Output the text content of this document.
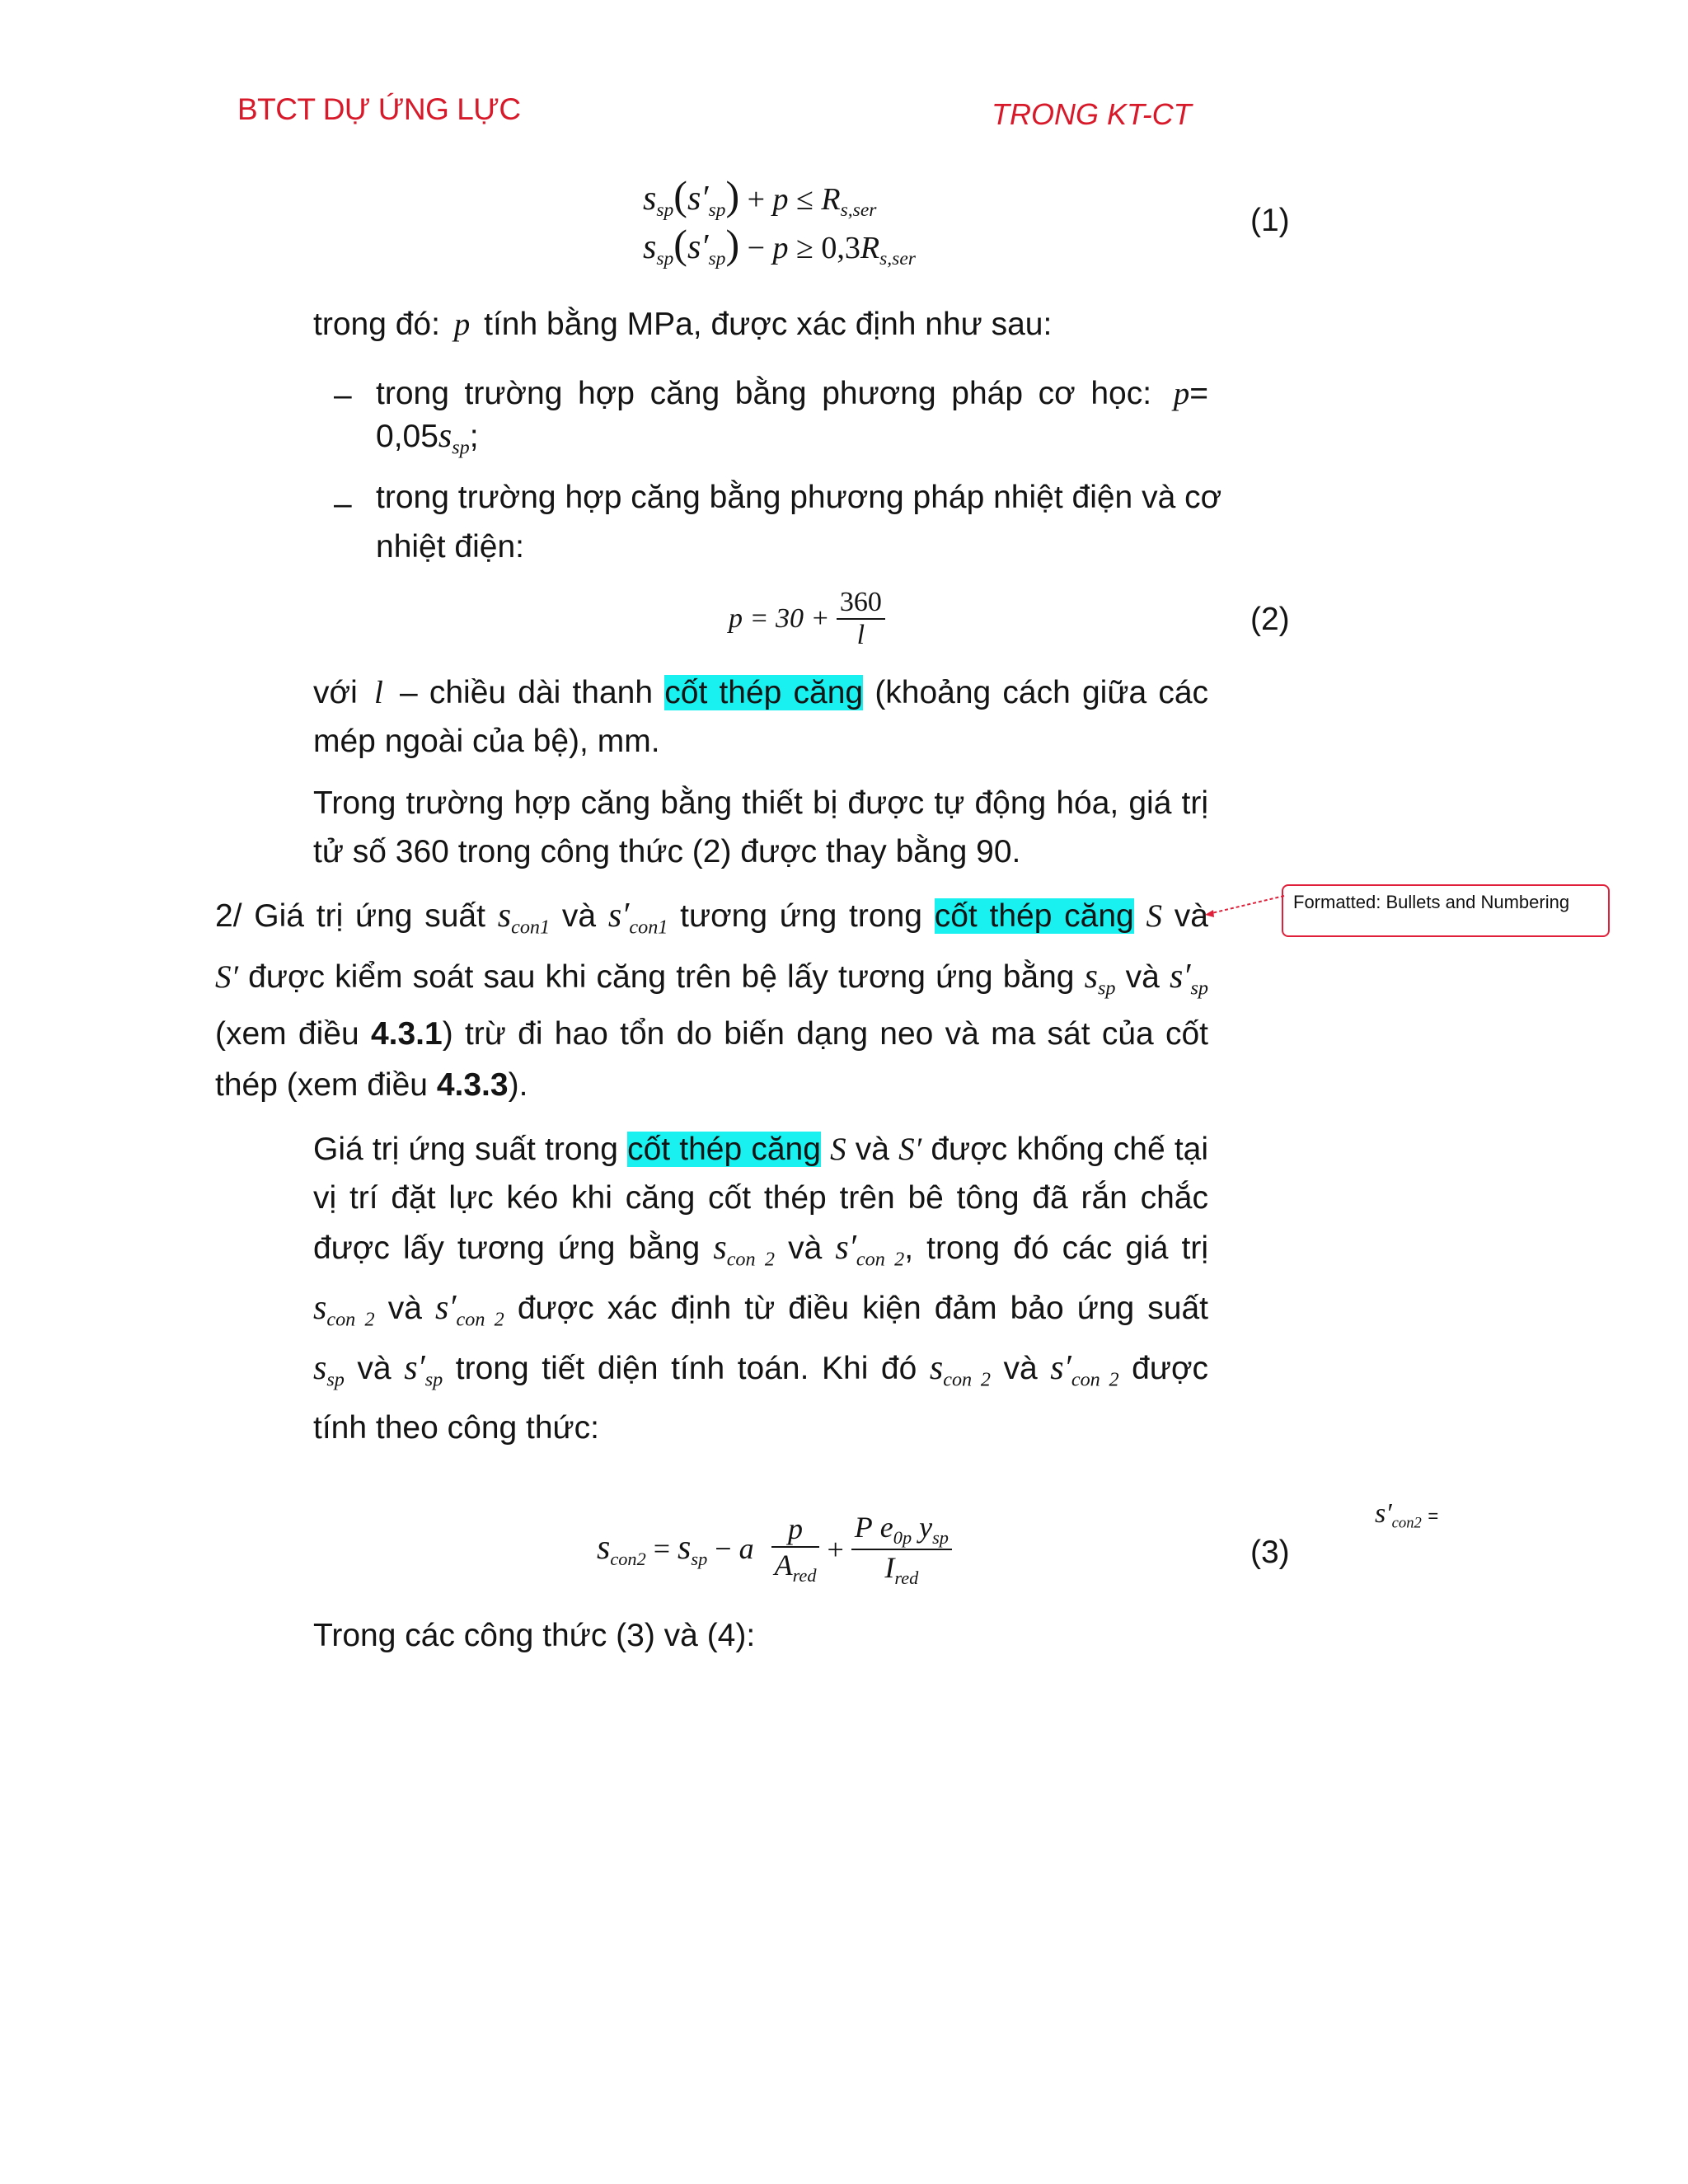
BTCT DỰ ỨNG LỰC	TRONG KT-CT
$s_{sp}(s'_{sp}) + p \le R_{s,ser}$
$s_{sp}(s'_{sp}) - p \ge 0,3R_{s,ser}$
(1)
trong đó: p tính bằng MPa, được xác định như sau:
– trong trường hợp căng bằng phương pháp cơ học: p=
$0,05s_{sp}$;
– trong trường hợp căng bằng phương pháp nhiệt điện và cơ
nhiệt điện:
$p = 30 + \frac{360}{l}$	(2)
với l – chiều dài thanh cốt thép căng (khoảng cách giữa các
mép ngoài của bệ), mm.
Trong trường hợp căng bằng thiết bị được tự động hóa, giá trị
tử số 360 trong công thức (2) được thay bằng 90.
2/ Giá trị ứng suất $s_{con1}$ và $s'_{con1}$ tương ứng trong cốt thép căng S và
S′ được kiểm soát sau khi căng trên bệ lấy tương ứng bằng $s_{sp}$ và $s'_{sp}$
(xem điều 4.3.1) trừ đi hao tổn do biến dạng neo và ma sát của cốt
thép (xem điều 4.3.3).
Formatted: Bullets and Numbering
Giá trị ứng suất trong cốt thép căng S và S′ được khống chế tại
vị trí đặt lực kéo khi căng cốt thép trên bê tông đã rắn chắc
được lấy tương ứng bằng $s_{con 2}$ và $s'_{con 2}$, trong đó các giá trị
$s_{con 2}$ và $s'_{con 2}$ được xác định từ điều kiện đảm bảo ứng suất
$s_{sp}$ và $s'_{sp}$ trong tiết diện tính toán. Khi đó $s_{con 2}$ và $s'_{con 2}$ được
tính theo công thức:
$s_{con2} = s_{sp} - a \frac{p}{A_{red}} + \frac{P e_{0p} y_{sp}}{I_{red}}$	(3)
$s'_{con2}$ =
Trong các công thức (3) và (4):
